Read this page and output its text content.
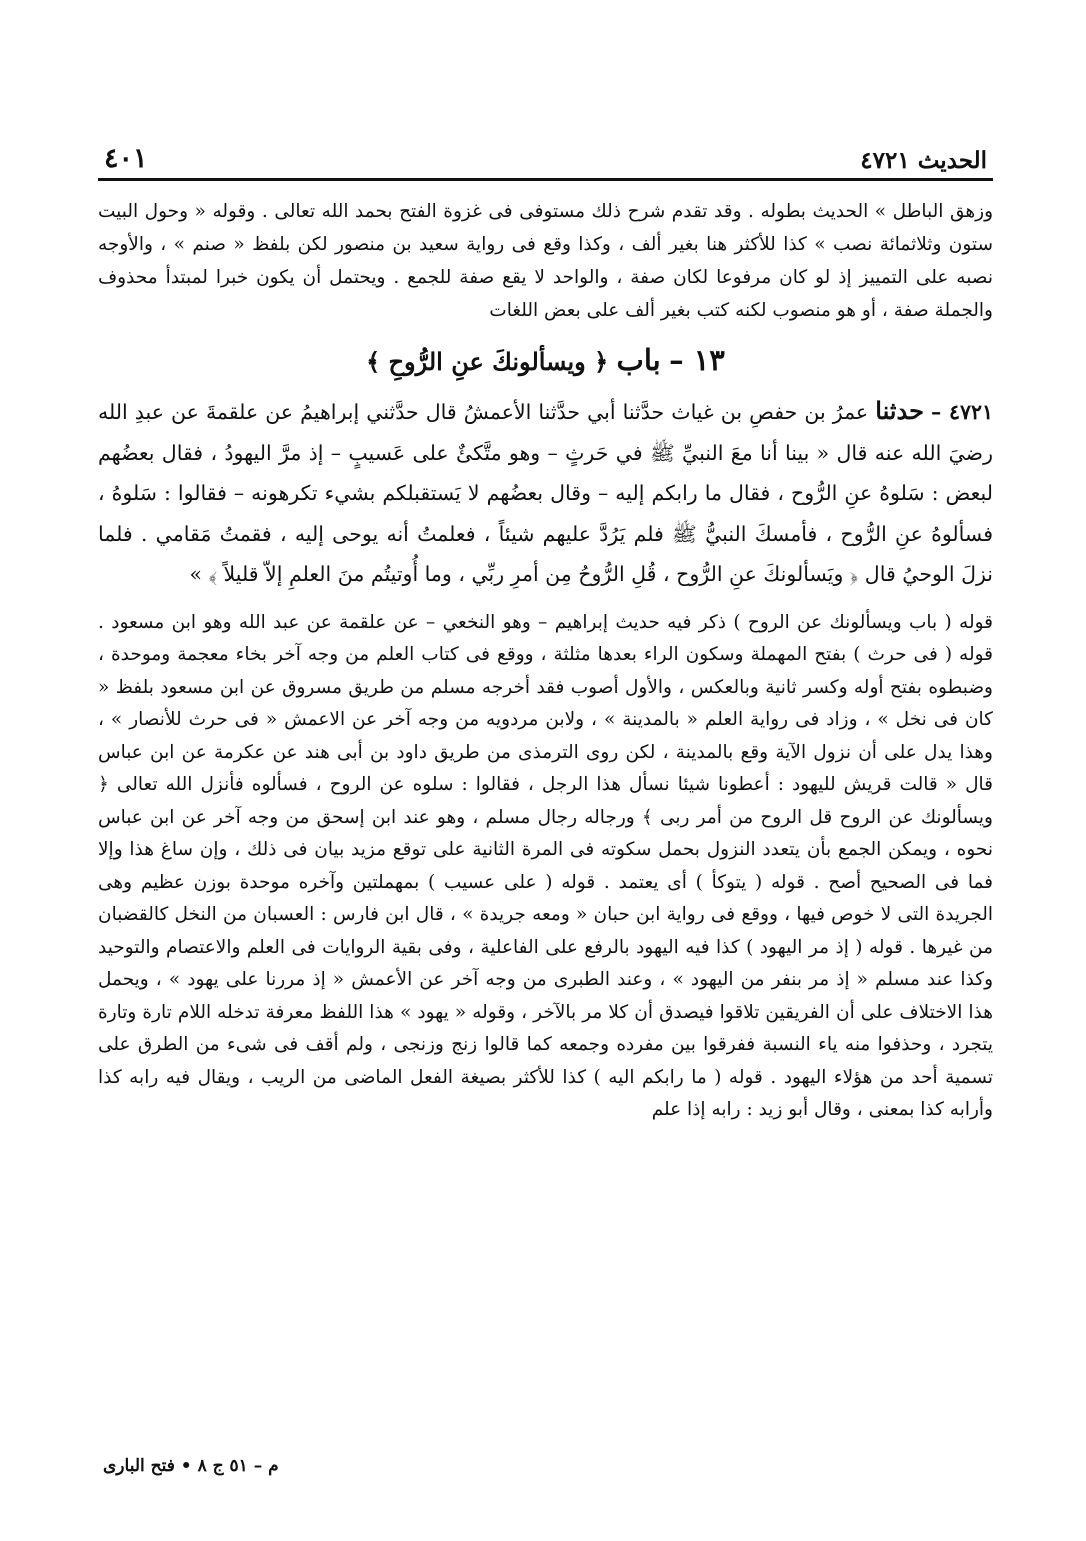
الحديث ٤٧٢١
٤٠١

وزهق الباطل » الحديث بطوله . وقد تقدم شرح ذلك مستوفى فى غزوة الفتح بحمد الله تعالى . وقوله « وحول البيت ستون وثلاثمائة نصب » كذا للأكثر هنا بغير ألف ، وكذا وقع فى رواية سعيد بن منصور لكن بلفظ « صنم » ، والأوجه نصبه على التمييز إذ لو كان مرفوعا لكان صفة ، والواحد لا يقع صفة للجمع . ويحتمل أن يكون خبرا لمبتدأ محذوف والجملة صفة ، أو هو منصوب لكنه كتب بغير ألف على بعض اللغات

١٣ – باب ﴿ ويسألونكَ عنِ الرُّوحِ ﴾

٤٧٢١ – حدثنا عمرُ بن حفصِ بن غياث حدَّثنا أبي حدَّثنا الأعمشُ قال حدَّثني إبراهيمُ عن علقمةَ عن عبدِ الله رضيَ الله عنه قال « بينا أنا معَ النبيِّ ﷺ في حَرثٍ – وهو متَّكئٌ على عَسيبٍ – إذ مرَّ اليهودُ ، فقال بعضُهم لبعض : سَلوهُ عنِ الرُّوح ، فقال ما رابكم إليه – وقال بعضُهم لا يَستقبلكم بشيء تكرهونه – فقالوا : سَلوهُ ، فسألوهُ عنِ الرُّوح ، فأمسكَ النبيُّ ﷺ فلم يَرُدَّ عليهم شيئاً ، فعلمتُ أنه يوحى إليه ، فقمتُ مَقامي . فلما نزلَ الوحيُ قال ﴿ ويَسألونكَ عنِ الرُّوح ، قُلِ الرُّوحُ مِن أمرِ ربِّي ، وما أُوتيتُم منَ العلمِ إلاّ قليلاً ﴾ »

قوله ( باب ويسألونك عن الروح ) ذكر فيه حديث إبراهيم – وهو النخعي – عن علقمة عن عبد الله وهو ابن مسعود . قوله ( فى حرث ) بفتح المهملة وسكون الراء بعدها مثلثة ، ووقع فى كتاب العلم من وجه آخر بخاء معجمة وموحدة ، وضبطوه بفتح أوله وكسر ثانية وبالعكس ، والأول أصوب فقد أخرجه مسلم من طريق مسروق عن ابن مسعود بلفظ « كان فى نخل » ، وزاد فى رواية العلم « بالمدينة » ، ولابن مردويه من وجه آخر عن الاعمش « فى حرث للأنصار » ، وهذا يدل على أن نزول الآية وقع بالمدينة ، لكن روى الترمذى من طريق داود بن أبى هند عن عكرمة عن ابن عباس قال « قالت قريش لليهود : أعطونا شيئا نسأل هذا الرجل ، فقالوا : سلوه عن الروح ، فسألوه فأنزل الله تعالى ﴿ ويسألونك عن الروح قل الروح من أمر ربى ﴾ ورجاله رجال مسلم ، وهو عند ابن إسحق من وجه آخر عن ابن عباس نحوه ، ويمكن الجمع بأن يتعدد النزول بحمل سكوته فى المرة الثانية على توقع مزيد بيان فى ذلك ، وإن ساغ هذا وإلا فما فى الصحيح أصح . قوله ( يتوكأ ) أى يعتمد . قوله ( على عسيب ) بمهملتين وآخره موحدة بوزن عظيم وهى الجريدة التى لا خوص فيها ، ووقع فى رواية ابن حبان « ومعه جريدة » ، قال ابن فارس : العسبان من النخل كالقضبان من غيرها . قوله ( إذ مر اليهود ) كذا فيه اليهود بالرفع على الفاعلية ، وفى بقية الروايات فى العلم والاعتصام والتوحيد وكذا عند مسلم « إذ مر بنفر من اليهود » ، وعند الطبرى من وجه آخر عن الأعمش « إذ مررنا على يهود » ، ويحمل هذا الاختلاف على أن الفريقين تلاقوا فيصدق أن كلا مر بالآخر ، وقوله « يهود » هذا اللفظ معرفة تدخله اللام تارة وتارة يتجرد ، وحذفوا منه ياء النسبة ففرقوا بين مفرده وجمعه كما قالوا زنج وزنجى ، ولم أقف فى شىء من الطرق على تسمية أحد من هؤلاء اليهود . قوله ( ما رابكم اليه ) كذا للأكثر بصيغة الفعل الماضى من الريب ، ويقال فيه رابه كذا وأرابه كذا بمعنى ، وقال أبو زيد : رابه إذا علم

م – ٥١ ج ٨ • فتح البارى
